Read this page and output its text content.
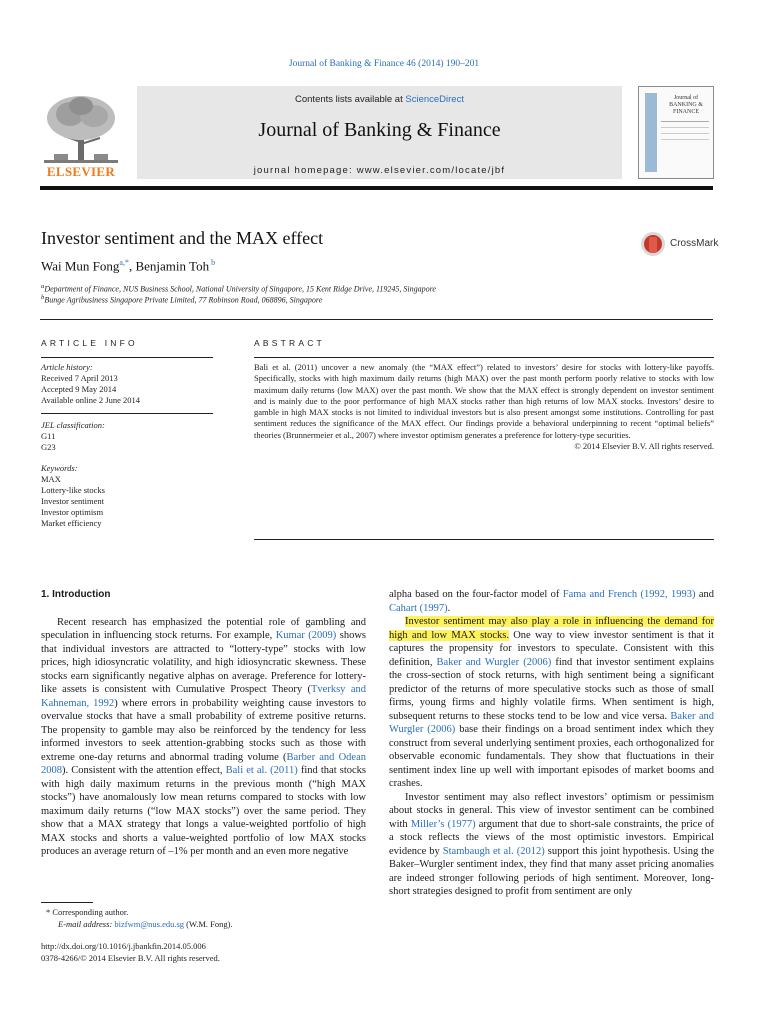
Journal of Banking & Finance 46 (2014) 190–201
ELSEVIER
Contents lists available at ScienceDirect
Journal of Banking & Finance
journal homepage: www.elsevier.com/locate/jbf
Journal of BANKING & FINANCE
Investor sentiment and the MAX effect	CrossMark
Wai Mun Fong$^{a,*}$, Benjamin Toh $^b$
$^a$Department of Finance, NUS Business School, National University of Singapore, 15 Kent Ridge Drive, 119245, Singapore
$^b$Bunge Agribusiness Singapore Private Limited, 77 Robinson Road, 068896, Singapore
ARTICLE INFO
Article history:
Received 7 April 2013
Accepted 9 May 2014
Available online 2 June 2014
JEL classification:
G11
G23
Keywords:
MAX
Lottery-like stocks
Investor sentiment
Investor optimism
Market efficiency
ABSTRACT
Bali et al. (2011) uncover a new anomaly (the “MAX effect”) related to investors’ desire for stocks with lottery-like payoffs. Specifically, stocks with high maximum daily returns (high MAX) over the past month perform poorly relative to stocks with low maximum daily returns (low MAX) over the past month. We show that the MAX effect is strongly dependent on investor sentiment and is mainly due to the poor performance of high MAX stocks rather than high returns of low MAX stocks. Investors’ desire to gamble in high MAX stocks is not limited to individual investors but is also present amongst some institutions. Controlling for past sentiment reduces the significance of the MAX effect. Our findings provide a behavioral underpinning to recent “optimal beliefs” theories (Brunnermeier et al., 2007) where investor optimism generates a preference for lottery-type securities.
© 2014 Elsevier B.V. All rights reserved.
1. Introduction

Recent research has emphasized the potential role of gambling and speculation in influencing stock returns. For example, Kumar (2009) shows that individual investors are attracted to “lottery-type” stocks with low prices, high idiosyncratic volatility, and high idiosyncratic skewness. These stocks earn significantly negative alphas on average. Preference for lottery-like assets is consistent with Cumulative Prospect Theory (Tverksy and Kahneman, 1992) where errors in probability weighting cause investors to overvalue stocks that have a small probability of extreme positive returns. The propensity to gamble may also be reinforced by the tendency for less informed investors to seek attention-grabbing stocks such as those with extreme one-day returns and abnormal trading volume (Barber and Odean 2008). Consistent with the attention effect, Bali et al. (2011) find that stocks with high daily maximum returns in the previous month (“high MAX stocks”) have anomalously low mean returns compared to stocks with low maximum daily returns (“low MAX stocks”) over the same period. They show that a MAX strategy that longs a value-weighted portfolio of high MAX stocks and shorts a value-weighted portfolio of low MAX stocks produces an average return of –1% per month and an even more negative

alpha based on the four-factor model of Fama and French (1992, 1993) and Cahart (1997).

Investor sentiment may also play a role in influencing the demand for high and low MAX stocks. One way to view investor sentiment is that it captures the propensity for investors to speculate. Consistent with this definition, Baker and Wurgler (2006) find that investor sentiment explains the cross-section of stock returns, with high sentiment being a significant predictor of the returns of more speculative stocks such as those of small firms, young firms and highly volatile firms. When sentiment is high, subsequent returns to these stocks tend to be low and vice versa. Baker and Wurgler (2006) base their findings on a broad sentiment index which they construct from several underlying sentiment proxies, each orthogonalized for observable economic fundamentals. They show that fluctuations in their sentiment index line up well with important episodes of market booms and crashes.

Investor sentiment may also reflect investors’ optimism or pessimism about stocks in general. This view of investor sentiment can be combined with Miller’s (1977) argument that due to short-sale constraints, the price of a stock reflects the views of the most optimistic investors. Empirical evidence by Stambaugh et al. (2012) support this joint hypothesis. Using the Baker–Wurgler sentiment index, they find that many asset pricing anomalies are indeed stronger following periods of high sentiment. Moreover, long-short strategies designed to profit from sentiment are only

* Corresponding author.
E-mail address: bizfwm@nus.edu.sg (W.M. Fong).
http://dx.doi.org/10.1016/j.jbankfin.2014.05.006
0378-4266/© 2014 Elsevier B.V. All rights reserved.
